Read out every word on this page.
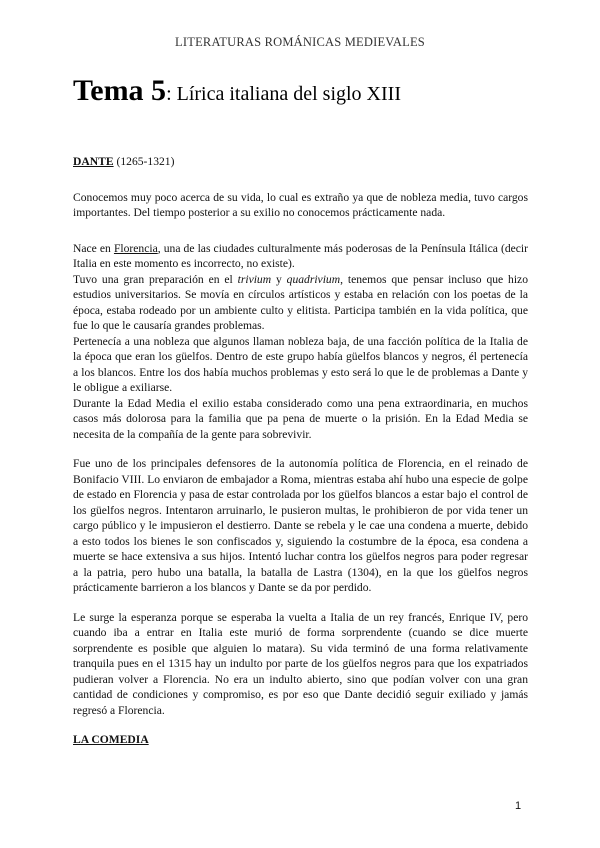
LITERATURAS ROMÁNICAS MEDIEVALES
Tema 5: Lírica italiana del siglo XIII

DANTE (1265-1321)

Conocemos muy poco acerca de su vida, lo cual es extraño ya que de nobleza media, tuvo cargos importantes. Del tiempo posterior a su exilio no conocemos prácticamente nada.

Nace en Florencia, una de las ciudades culturalmente más poderosas de la Península Itálica (decir Italia en este momento es incorrecto, no existe).

Tuvo una gran preparación en el trivium y quadrivium, tenemos que pensar incluso que hizo estudios universitarios. Se movía en círculos artísticos y estaba en relación con los poetas de la época, estaba rodeado por un ambiente culto y elitista. Participa también en la vida política, que fue lo que le causaría grandes problemas.

Pertenecía a una nobleza que algunos llaman nobleza baja, de una facción política de la Italia de la época que eran los güelfos. Dentro de este grupo había güelfos blancos y negros, él pertenecía a los blancos. Entre los dos había muchos problemas y esto será lo que le de problemas a Dante y le obligue a exiliarse.

Durante la Edad Media el exilio estaba considerado como una pena extraordinaria, en muchos casos más dolorosa para la familia que pa pena de muerte o la prisión. En la Edad Media se necesita de la compañía de la gente para sobrevivir.

Fue uno de los principales defensores de la autonomía política de Florencia, en el reinado de Bonifacio VIII. Lo enviaron de embajador a Roma, mientras estaba ahí hubo una especie de golpe de estado en Florencia y pasa de estar controlada por los güelfos blancos a estar bajo el control de los güelfos negros. Intentaron arruinarlo, le pusieron multas, le prohibieron de por vida tener un cargo público y le impusieron el destierro. Dante se rebela y le cae una condena a muerte, debido a esto todos los bienes le son confiscados y, siguiendo la costumbre de la época, esa condena a muerte se hace extensiva a sus hijos. Intentó luchar contra los güelfos negros para poder regresar a la patria, pero hubo una batalla, la batalla de Lastra (1304), en la que los güelfos negros prácticamente barrieron a los blancos y Dante se da por perdido.

Le surge la esperanza porque se esperaba la vuelta a Italia de un rey francés, Enrique IV, pero cuando iba a entrar en Italia este murió de forma sorprendente (cuando se dice muerte sorprendente es posible que alguien lo matara). Su vida terminó de una forma relativamente tranquila pues en el 1315 hay un indulto por parte de los güelfos negros para que los expatriados pudieran volver a Florencia. No era un indulto abierto, sino que podían volver con una gran cantidad de condiciones y compromiso, es por eso que Dante decidió seguir exiliado y jamás regresó a Florencia.

LA COMEDIA

1
